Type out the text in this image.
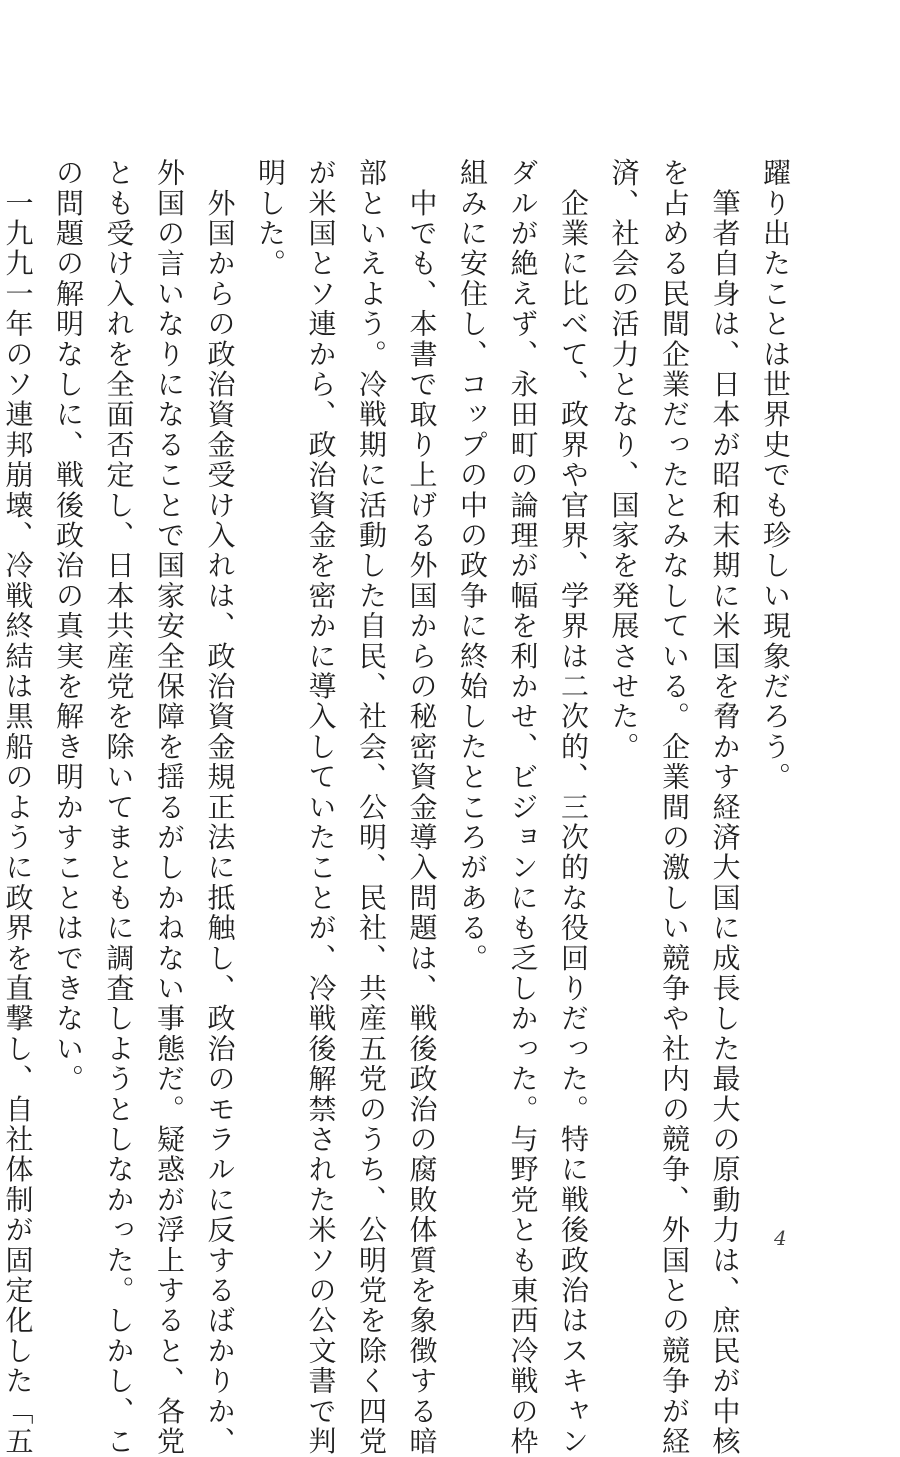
躍り出たことは世界史でも珍しい現象だろう。
　筆者自身は、日本が昭和末期に米国を脅かす経済大国に成長した最大の原動力は、庶民が中核
を占める民間企業だったとみなしている。企業間の激しい競争や社内の競争、外国との競争が経
済、社会の活力となり、国家を発展させた。
　企業に比べて、政界や官界、学界は二次的、三次的な役回りだった。特に戦後政治はスキャン
ダルが絶えず、永田町の論理が幅を利かせ、ビジョンにも乏しかった。与野党とも東西冷戦の枠
組みに安住し、コップの中の政争に終始したところがある。
　中でも、本書で取り上げる外国からの秘密資金導入問題は、戦後政治の腐敗体質を象徴する暗
部といえよう。冷戦期に活動した自民、社会、公明、民社、共産五党のうち、公明党を除く四党
が米国とソ連から、政治資金を密かに導入していたことが、冷戦後解禁された米ソの公文書で判
明した。
　外国からの政治資金受け入れは、政治資金規正法に抵触し、政治のモラルに反するばかりか、
外国の言いなりになることで国家安全保障を揺るがしかねない事態だ。疑惑が浮上すると、各党
とも受け入れを全面否定し、日本共産党を除いてまともに調査しようとしなかった。しかし、こ
の問題の解明なしに、戦後政治の真実を解き明かすことはできない。
　一九九一年のソ連邦崩壊、冷戦終結は黒船のように政界を直撃し、自社体制が固定化した「五	4
